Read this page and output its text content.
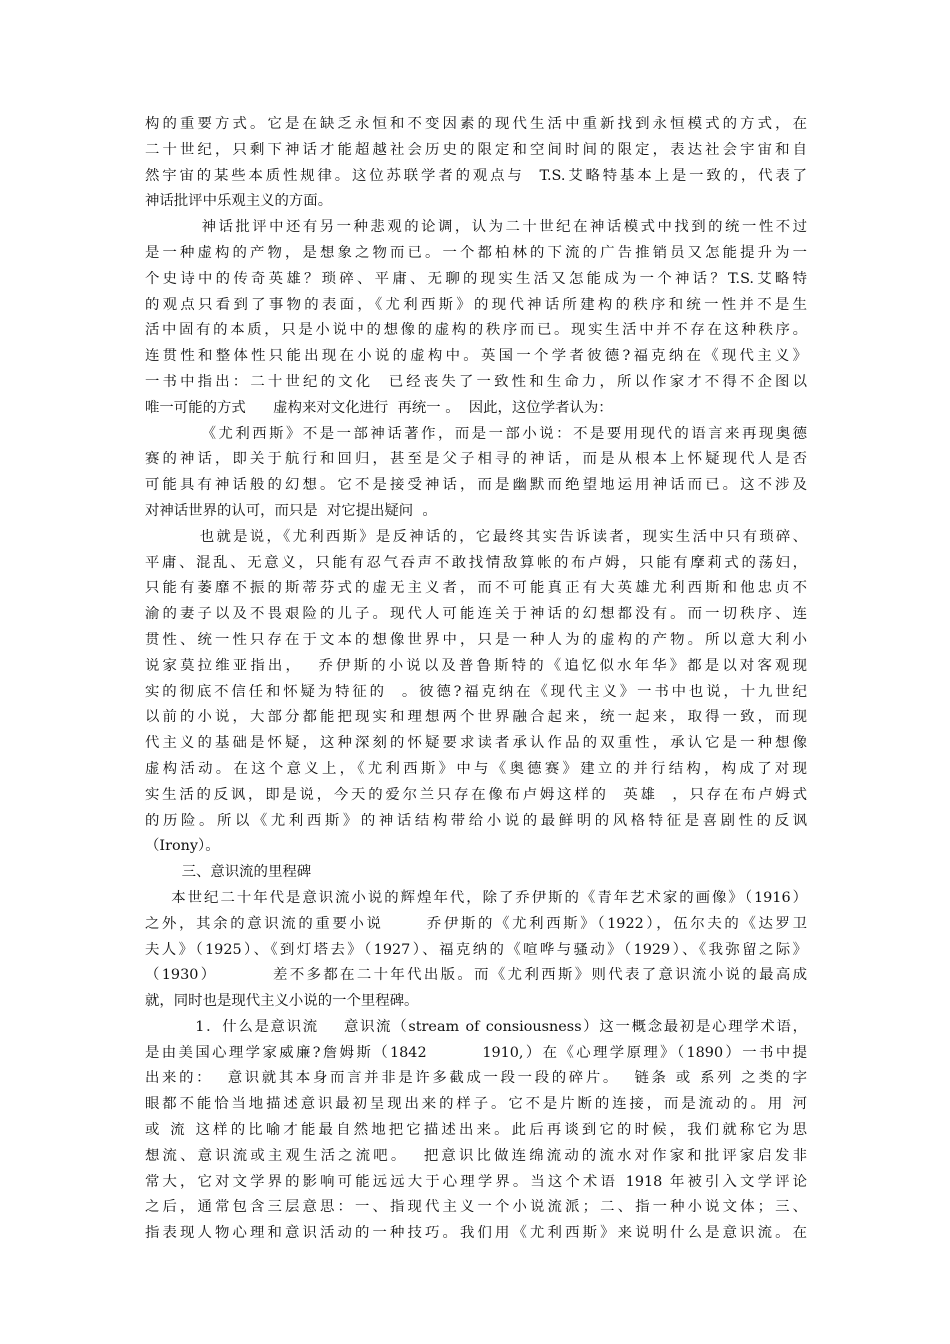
构的重要方式。它是在缺乏永恒和不变因素的现代生活中重新找到永恒模式的方式，在
二十世纪，只剩下神话才能超越社会历史的限定和空间时间的限定，表达社会宇宙和自
然宇宙的某些本质性规律。这位苏联学者的观点与  T.S.艾略特基本上是一致的，代表了
神话批评中乐观主义的方面。
神话批评中还有另一种悲观的论调，认为二十世纪在神话模式中找到的统一性不过
是一种虚构的产物，是想象之物而已。一个都柏林的下流的广告推销员又怎能提升为一
个史诗中的传奇英雄？琐碎、平庸、无聊的现实生活又怎能成为一个神话？T.S.艾略特
的观点只看到了事物的表面，《尤利西斯》的现代神话所建构的秩序和统一性并不是生
活中固有的本质，只是小说中的想像的虚构的秩序而已。现实生活中并不存在这种秩序。
连贯性和整体性只能出现在小说的虚构中。英国一个学者彼德?福克纳在《现代主义》
一书中指出：二十世纪的文化  已经丧失了一致性和生命力，所以作家才不得不企图以
唯一可能的方式      虚构来对文化进行  再统一 。  因此，这位学者认为：
《尤利西斯》不是一部神话著作，而是一部小说：不是要用现代的语言来再现奥德
赛的神话，即关于航行和回归，甚至是父子相寻的神话，而是从根本上怀疑现代人是否
可能具有神话般的幻想。它不是接受神话，而是幽默而绝望地运用神话而已。这不涉及
对神话世界的认可，而只是  对它提出疑问  。
也就是说，《尤利西斯》是反神话的，它最终其实告诉读者，现实生活中只有琐碎、
平庸、混乱、无意义，只能有忍气吞声不敢找情敌算帐的布卢姆，只能有摩莉式的荡妇，
只能有萎靡不振的斯蒂芬式的虚无主义者，而不可能真正有大英雄尤利西斯和他忠贞不
渝的妻子以及不畏艰险的儿子。现代人可能连关于神话的幻想都没有。而一切秩序、连
贯性、统一性只存在于文本的想像世界中，只是一种人为的虚构的产物。所以意大利小
说家莫拉维亚指出，  乔伊斯的小说以及普鲁斯特的《追忆似水年华》都是以对客观现
实的彻底不信任和怀疑为特征的  。彼德?福克纳在《现代主义》一书中也说，十九世纪
以前的小说，大部分都能把现实和理想两个世界融合起来，统一起来，取得一致，而现
代主义的基础是怀疑，这种深刻的怀疑要求读者承认作品的双重性，承认它是一种想像
虚构活动。在这个意义上，《尤利西斯》中与《奥德赛》建立的并行结构，构成了对现
实生活的反讽，即是说，今天的爱尔兰只存在像布卢姆这样的  英雄  ，只存在布卢姆式
的历险。所以《尤利西斯》的神话结构带给小说的最鲜明的风格特征是喜剧性的反讽
（Irony）。
三、意识流的里程碑
本世纪二十年代是意识流小说的辉煌年代，除了乔伊斯的《青年艺术家的画像》（1916）
之外，其余的意识流的重要小说      乔伊斯的《尤利西斯》（1922），伍尔夫的《达罗卫
夫人》（1925）、《到灯塔去》（1927）、福克纳的《喧哗与骚动》（1929）、《我弥留之际》
（1930）        差不多都在二十年代出版。而《尤利西斯》则代表了意识流小说的最高成
就，同时也是现代主义小说的一个里程碑。
1．什么是意识流    意识流（stream of consiousness）这一概念最初是心理学术语，
是由美国心理学家威廉?詹姆斯（1842        1910,）在《心理学原理》（1890）一书中提
出来的：  意识就其本身而言并非是许多截成一段一段的碎片。  链条 或 系列 之类的字
眼都不能恰当地描述意识最初呈现出来的样子。它不是片断的连接，而是流动的。用 河
或 流 这样的比喻才能最自然地把它描述出来。此后再谈到它的时候，我们就称它为思
想流、意识流或主观生活之流吧。  把意识比做连绵流动的流水对作家和批评家启发非
常大，它对文学界的影响可能远远大于心理学界。当这个术语 1918 年被引入文学评论
之后，通常包含三层意思：一、指现代主义一个小说流派；二、指一种小说文体；三、
指表现人物心理和意识活动的一种技巧。我们用《尤利西斯》来说明什么是意识流。在
